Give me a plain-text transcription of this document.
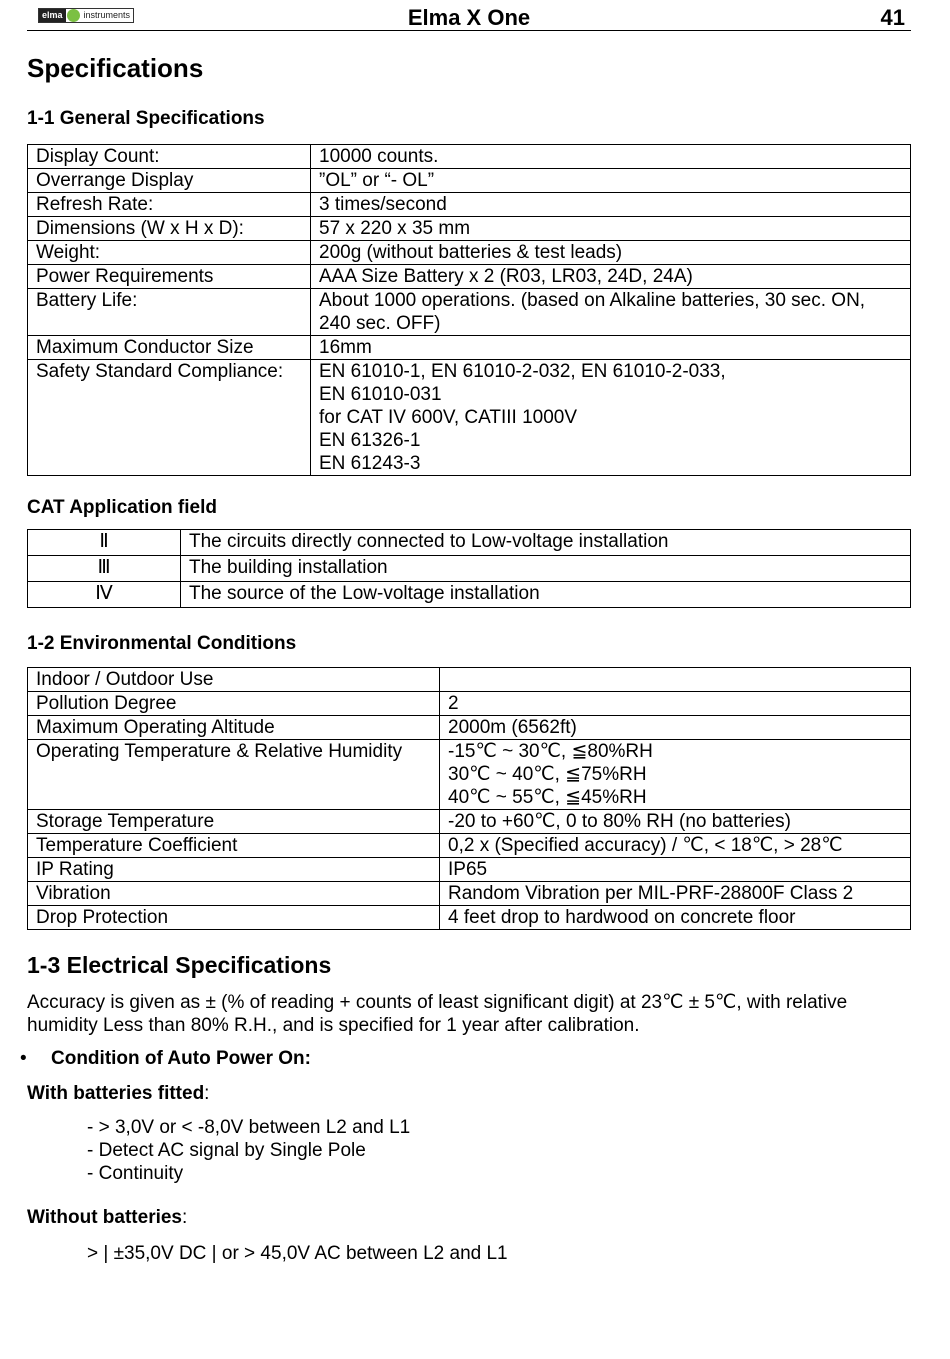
elma	instruments	Elma X One	41
Specifications
1-1 General Specifications
Display Count:	10000 counts.

Overrange Display	”OL” or “- OL”

Refresh Rate:	3 times/second

Dimensions (W x H x D):	57 x 220 x 35 mm

Weight:	200g (without batteries & test leads)

Power Requirements	AAA Size Battery x 2 (R03, LR03, 24D, 24A)

Battery Life:	About 1000 operations. (based on Alkaline batteries, 30 sec. ON,
240 sec. OFF)

Maximum Conductor Size	16mm

Safety Standard Compliance:	EN 61010-1, EN 61010-2-032, EN 61010-2-033,
EN 61010-031
for CAT IV 600V, CATIII 1000V
EN 61326-1
EN 61243-3
CAT Application field
Ⅱ	The circuits directly connected to Low-voltage installation
Ⅲ	The building installation
Ⅳ	The source of the Low-voltage installation
1-2 Environmental Conditions
Indoor / Outdoor Use	

Pollution Degree	2

Maximum Operating Altitude	2000m (6562ft)

Operating Temperature & Relative Humidity	-15℃ ~ 30℃, ≦80%RH
30℃ ~ 40℃, ≦75%RH
40℃ ~ 55℃, ≦45%RH

Storage Temperature	-20 to +60℃, 0 to 80% RH (no batteries)

Temperature Coefficient	0,2 x (Specified accuracy) / ℃, < 18℃, > 28℃

IP Rating	IP65

Vibration	Random Vibration per MIL-PRF-28800F Class 2

Drop Protection	4 feet drop to hardwood on concrete floor
1-3 Electrical Specifications

Accuracy is given as ± (% of reading + counts of least significant digit) at 23℃ ± 5℃, with relative
humidity Less than 80% R.H., and is specified for 1 year after calibration.

• Condition of Auto Power On:
With batteries fitted:
- > 3,0V or < -8,0V between L2 and L1
- Detect AC signal by Single Pole
- Continuity
Without batteries:
> | ±35,0V DC | or > 45,0V AC between L2 and L1
